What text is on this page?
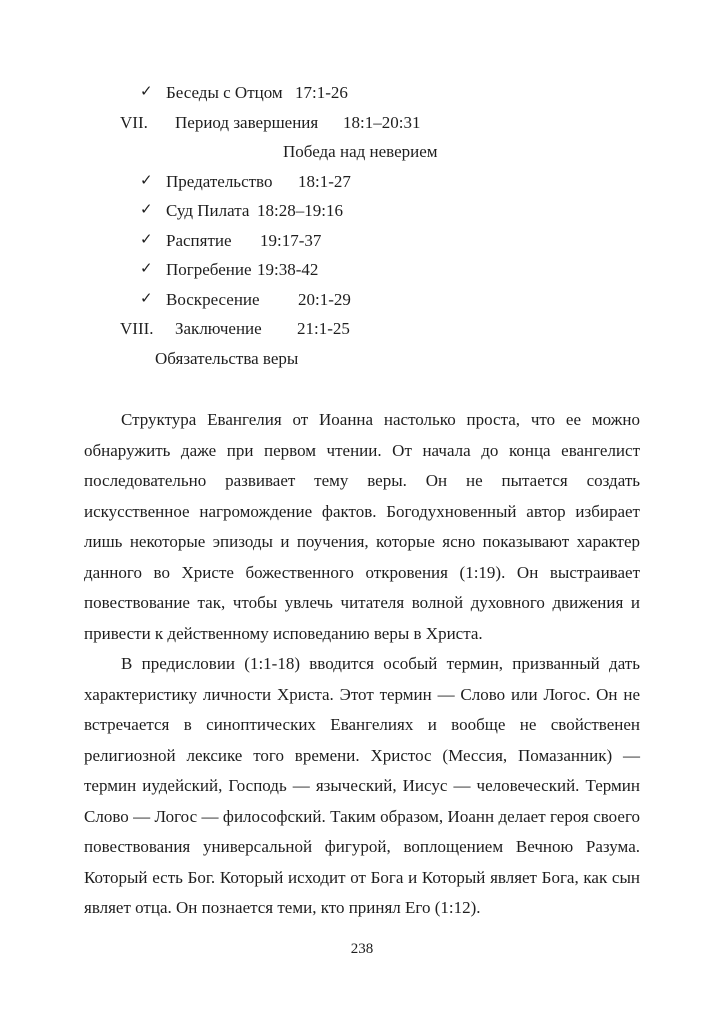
✓ Беседы с Отцом 17:1-26
VII. Период завершения 18:1–20:31
Победа над неверием
✓ Предательство 18:1-27
✓ Суд Пилата 18:28–19:16
✓ Распятие 19:17-37
✓ Погребение 19:38-42
✓ Воскресение 20:1-29
VIII. Заключение 21:1-25
Обязательства веры

Структура Евангелия от Иоанна настолько проста, что ее можно обнаружить даже при первом чтении. От начала до конца евангелист последовательно развивает тему веры. Он не пытается создать искусственное нагромождение фактов. Богодухновенный автор избирает лишь некоторые эпизоды и поучения, которые ясно показывают характер данного во Христе божественного откровения (1:19). Он выстраивает повествование так, чтобы увлечь читателя волной духовного движения и привести к действенному исповеданию веры в Христа.

В предисловии (1:1-18) вводится особый термин, призванный дать характеристику личности Христа. Этот термин — Слово или Логос. Он не встречается в синоптических Евангелиях и вообще не свойственен религиозной лексике того времени. Христос (Мессия, Помазанник) — термин иудейский, Господь — языческий, Иисус — человеческий. Термин Слово — Логос — философский. Таким образом, Иоанн делает героя своего повествования универсальной фигурой, воплощением Вечною Разума. Который есть Бог. Который исходит от Бога и Который являет Бога, как сын являет отца. Он познается теми, кто принял Его (1:12).

238
